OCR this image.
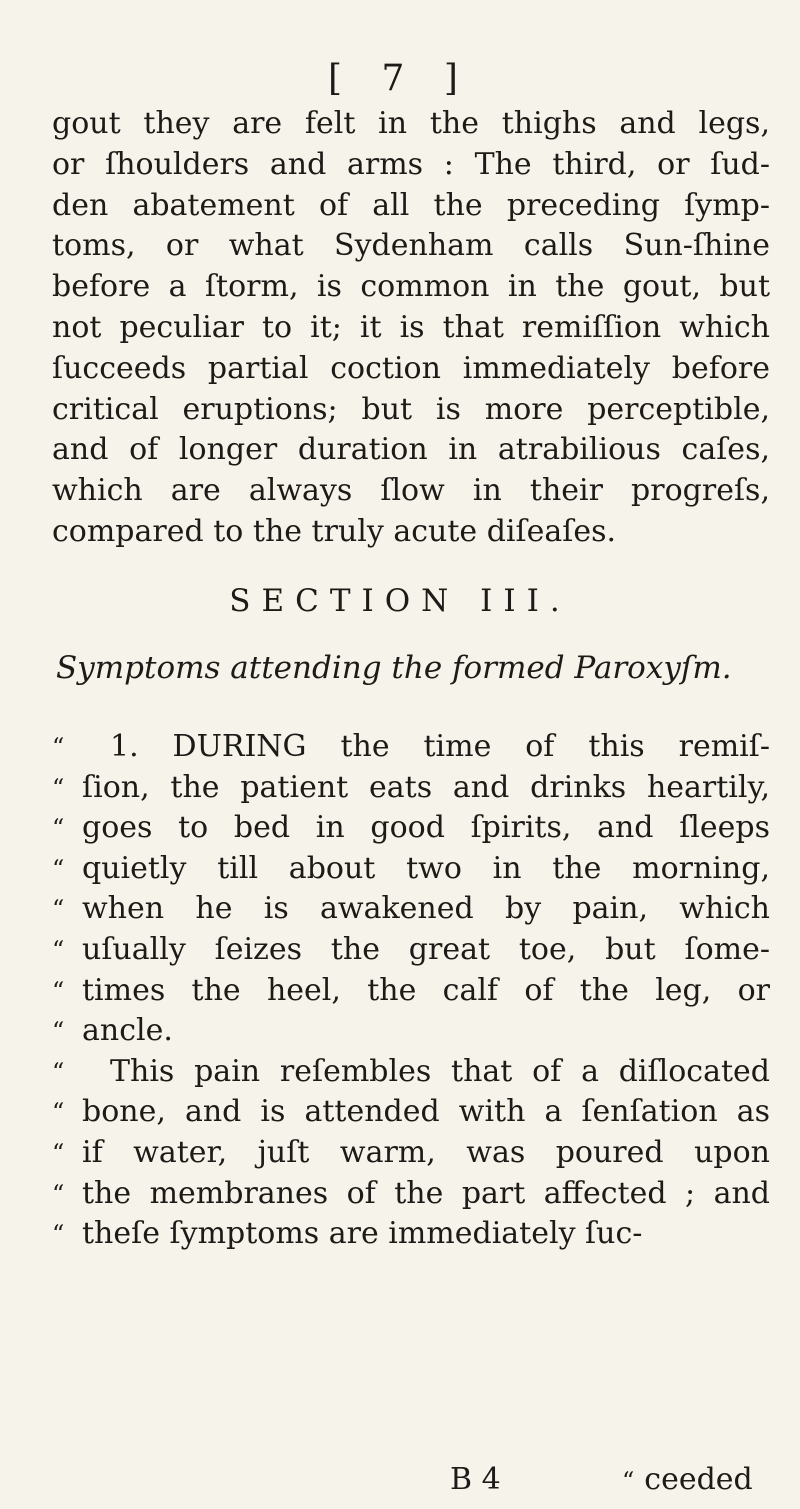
[ 7 ]
gout they are felt in the thighs and legs,
or ſhoulders and arms : The third, or ſud-
den abatement of all the preceding ſymp-
toms, or what Sydenham calls Sun-ſhine
before a ſtorm, is common in the gout, but
not peculiar to it; it is that remiſſion which
ſucceeds partial coction immediately before
critical eruptions; but is more perceptible,
and of longer duration in atrabilious caſes,
which are always ſlow in their progreſs,
compared to the truly acute diſeaſes.
SECTION III.
Symptoms attending the formed Paroxyſm.
“	1. DURING the time of this remiſ-
“ ſion, the patient eats and drinks heartily,
“ goes to bed in good ſpirits, and ſleeps
“ quietly till about two in the morning,
“ when he is awakened by pain, which
“ uſually ſeizes the great toe, but ſome-
“ times the heel, the calf of the leg, or
“ ancle.
“	This pain reſembles that of a diſlocated
“ bone, and is attended with a ſenſation as
“ if water, juſt warm, was poured upon
“ the membranes of the part affected ; and
“ theſe ſymptoms are immediately ſuc-
B 4	“ ceeded
